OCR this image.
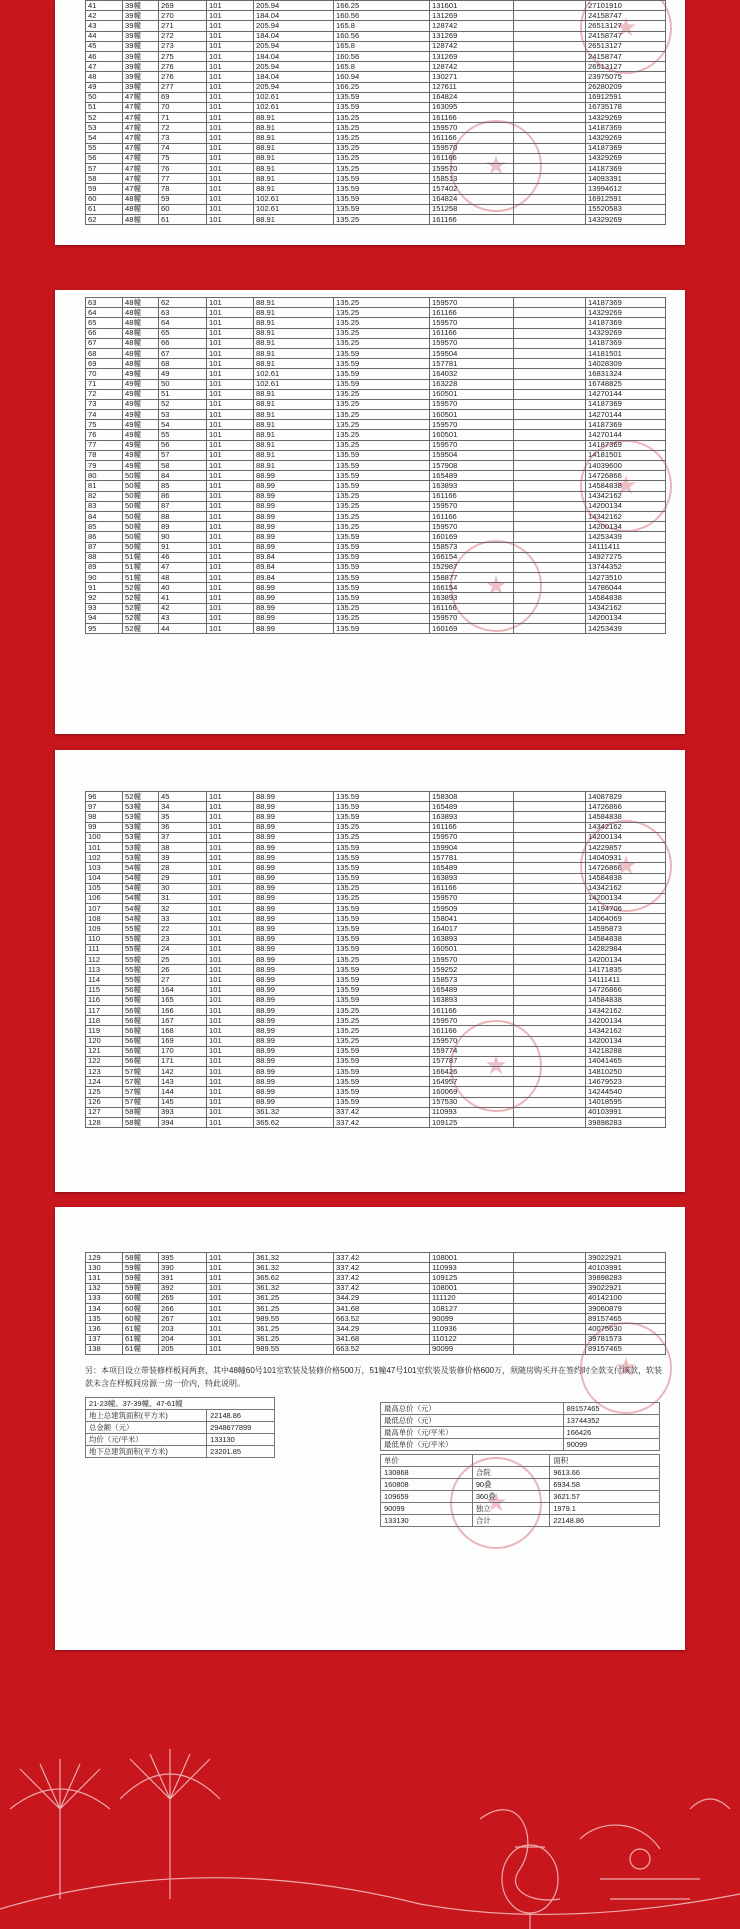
★
★
41	39幢	269	101	205.94	166.25	131601		27101910
42	39幢	270	101	184.04	160.56	131269		24158747
43	39幢	271	101	205.94	165.8	128742		26513127
44	39幢	272	101	184.04	160.56	131269		24158747
45	39幢	273	101	205.94	165.8	128742		26513127
46	39幢	275	101	184.04	160.56	131269		24158747
47	39幢	276	101	205.94	165.8	128742		26513127
48	39幢	276	101	184.04	160.94	130271		23975075
49	39幢	277	101	205.94	166.25	127611		26280209
50	47幢	69	101	102.61	135.59	164824		16912591
51	47幢	70	101	102.61	135.59	163095		16735178
52	47幢	71	101	88.91	135.25	161166		14329269
53	47幢	72	101	88.91	135.25	159570		14187369
54	47幢	73	101	88.91	135.25	161166		14329269
55	47幢	74	101	88.91	135.25	159570		14187369
56	47幢	75	101	88.91	135.25	161166		14329269
57	47幢	76	101	88.91	135.25	159570		14187369
58	47幢	77	101	88.91	135.59	158513		14093391
59	47幢	78	101	88.91	135.59	157402		13994612
60	48幢	59	101	102.61	135.59	164824		16912591
61	48幢	60	101	102.61	135.59	151258		15520583
62	48幢	61	101	88.91	135.25	161166		14329269
★
★
63	48幢	62	101	88.91	135.25	159570		14187369
64	48幢	63	101	88.91	135.25	161166		14329269
65	48幢	64	101	88.91	135.25	159570		14187369
66	48幢	65	101	88.91	135.25	161166		14329269
67	48幢	66	101	88.91	135.25	159570		14187369
68	48幢	67	101	88.91	135.59	159504		14181501
69	48幢	68	101	88.91	135.59	157781		14028309
70	49幢	49	101	102.61	135.59	164032		16831324
71	49幢	50	101	102.61	135.59	163228		16748825
72	49幢	51	101	88.91	135.25	160501		14270144
73	49幢	52	101	88.91	135.25	159570		14187369
74	49幢	53	101	88.91	135.25	160501		14270144
75	49幢	54	101	88.91	135.25	159570		14187369
76	49幢	55	101	88.91	135.25	160501		14270144
77	49幢	56	101	88.91	135.25	159570		14187369
78	49幢	57	101	88.91	135.59	159504		14181501
79	49幢	58	101	88.91	135.59	157908		14039600
80	50幢	84	101	88.99	135.59	165489		14726866
81	50幢	85	101	88.99	135.59	163893		14584838
82	50幢	86	101	88.99	135.25	161166		14342162
83	50幢	87	101	88.99	135.25	159570		14200134
84	50幢	88	101	88.99	135.25	161166		14342162
85	50幢	89	101	88.99	135.25	159570		14200134
86	50幢	90	101	88.99	135.59	160169		14253439
87	50幢	91	101	88.99	135.59	158573		14111411
88	51幢	46	101	89.84	135.59	166154		14927275
89	51幢	47	101	89.84	135.59	152987		13744352
90	51幢	48	101	89.84	135.59	158877		14273510
91	52幢	40	101	88.99	135.59	166154		14786044
92	52幢	41	101	88.99	135.59	163893		14584838
93	52幢	42	101	88.99	135.25	161166		14342162
94	52幢	43	101	88.99	135.25	159570		14200134
95	52幢	44	101	88.99	135.59	160169		14253439
★
★
96	52幢	45	101	88.99	135.59	158308		14087829
97	53幢	34	101	88.99	135.59	165489		14726866
98	53幢	35	101	88.99	135.59	163893		14584838
99	53幢	36	101	88.99	135.25	161166		14342162
100	53幢	37	101	88.99	135.25	159570		14200134
101	53幢	38	101	88.99	135.59	159904		14229857
102	53幢	39	101	88.99	135.59	157781		14040931
103	54幢	28	101	88.99	135.59	165489		14726866
104	54幢	29	101	88.99	135.59	163893		14584838
105	54幢	30	101	88.99	135.25	161166		14342162
106	54幢	31	101	88.99	135.25	159570		14200134
107	54幢	32	101	88.99	135.59	159509		14194706
108	54幢	33	101	88.99	135.59	158041		14064069
109	55幢	22	101	88.99	135.59	164017		14595873
110	55幢	23	101	88.99	135.59	163893		14584838
111	55幢	24	101	88.99	135.59	160501		14282984
112	55幢	25	101	88.99	135.25	159570		14200134
113	55幢	26	101	88.99	135.59	159252		14171835
114	55幢	27	101	88.99	135.59	158573		14111411
115	56幢	164	101	88.99	135.59	165489		14726866
116	56幢	165	101	88.99	135.59	163893		14584838
117	56幢	166	101	88.99	135.25	161166		14342162
118	56幢	167	101	88.99	135.25	159570		14200134
119	56幢	168	101	88.99	135.25	161166		14342162
120	56幢	169	101	88.99	135.25	159570		14200134
121	56幢	170	101	88.99	135.59	159774		14218288
122	56幢	171	101	88.99	135.59	157787		14041465
123	57幢	142	101	88.99	135.59	166426		14810250
124	57幢	143	101	88.99	135.59	164957		14679523
125	57幢	144	101	88.99	135.59	160069		14244540
126	57幢	145	101	88.99	135.59	157530		14018595
127	58幢	393	101	361.32	337.42	110993		40103991
128	58幢	394	101	365.62	337.42	109125		39898283
★
★
129	58幢	395	101	361.32	337.42	108001		39022921
130	59幢	390	101	361.32	337.42	110993		40103991
131	59幢	391	101	365.62	337.42	109125		39898283
132	59幢	392	101	361.32	337.42	108001		39022921
133	60幢	265	101	361.25	344.29	111120		40142100
134	60幢	266	101	361.25	341.68	108127		39060879
135	60幢	267	101	989.55	663.52	90099		89157465
136	61幢	203	101	361.25	344.29	110936		40075630
137	61幢	204	101	361.25	341.68	110122		39781573
138	61幢	205	101	989.55	663.52	90099		89157465
另：本项目设立带装修样板间两套，其中48幢60号101室软装及装修价格500万，51幢47号101室软装及装修价格600万，须随房购买并在签约时全款支付该款，软装款未含在样板间房源一房一价内，特此说明。
21-23幢、37-39幢、47-61幢	
地上总建筑面积(平方米)	22148.86
总金额（元）	2948677899
均价（元/平米）	133130
地下总建筑面积(平方米)	23201.85
最高总价（元）	89157465
最低总价（元）	13744352
最高单价（元/平米）	166426
最低单价（元/平米）	90099
单价		面积
130868	合院	9613.66
160808	90叠	6934.58
109659	360叠	3621.57
90099	独立	1979.1
133130	合计	22148.86
